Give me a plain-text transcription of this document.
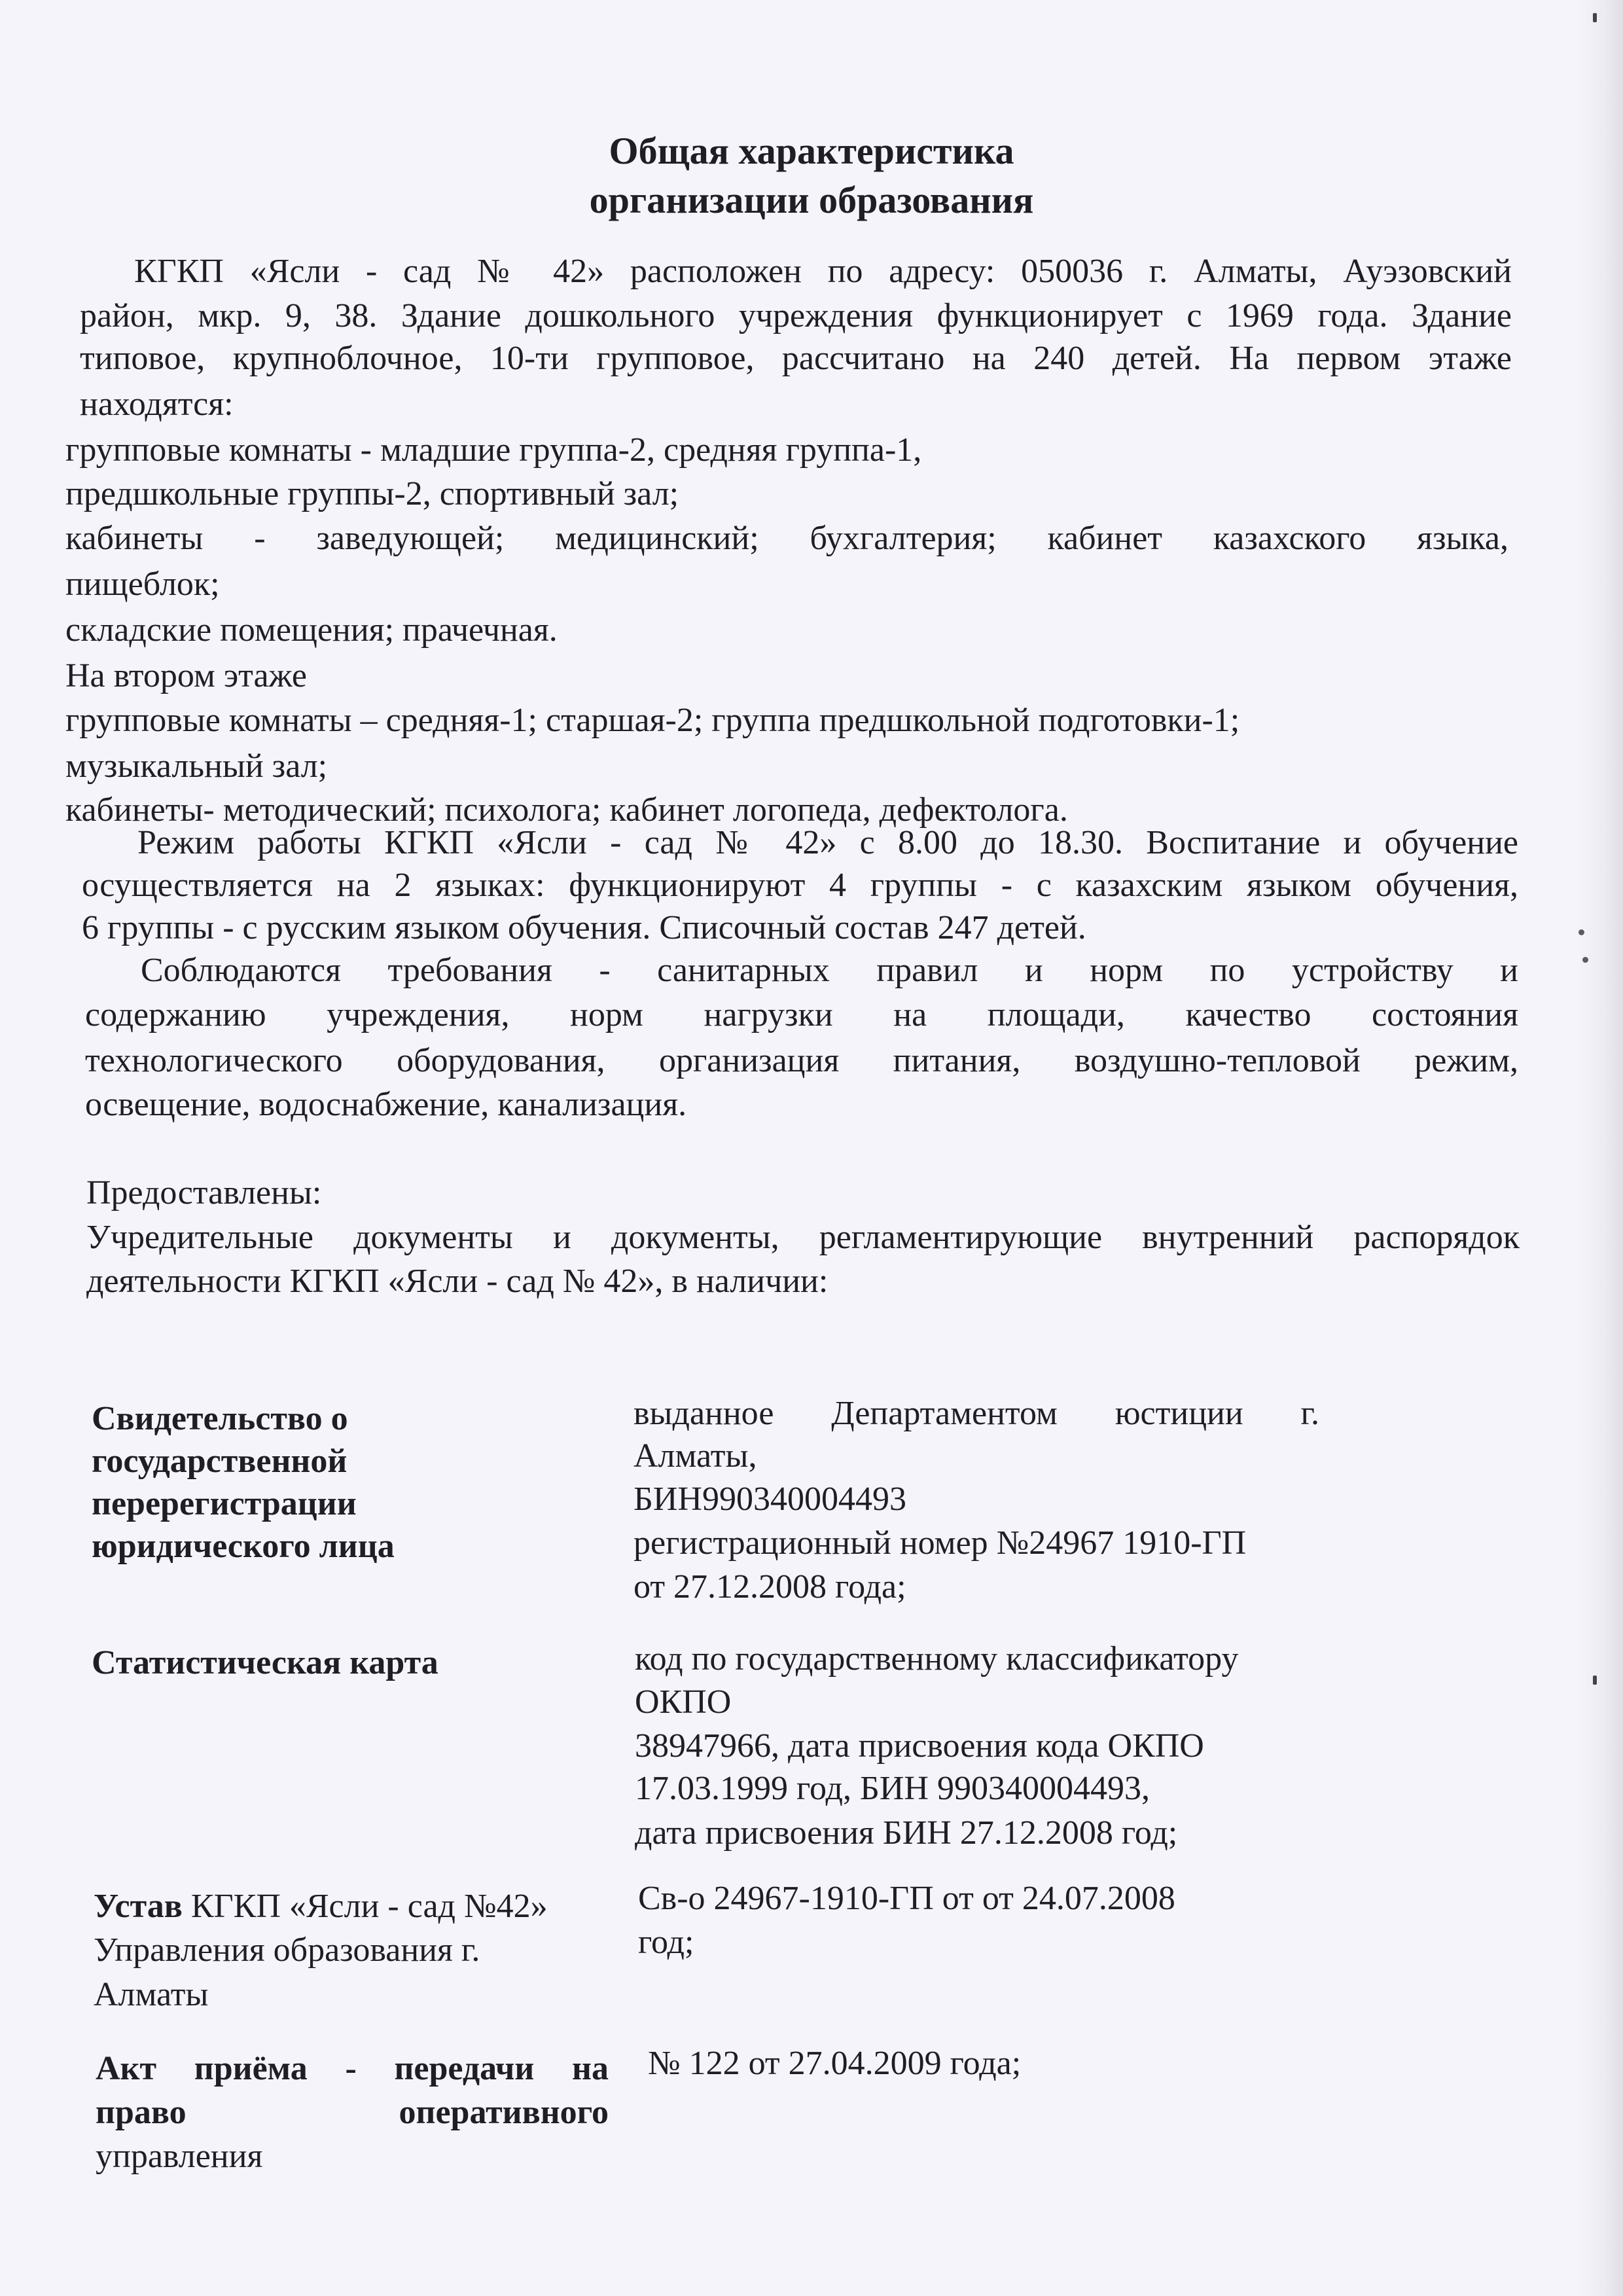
Общая характеристика
организации образования
КГКП «Ясли - сад № 42» расположен по адресу: 050036 г. Алматы, Ауэзовский
район, мкр. 9, 38. Здание дошкольного учреждения функционирует с 1969 года. Здание
типовое, крупноблочное, 10-ти групповое, рассчитано на 240 детей. На первом этаже
находятся:
групповые комнаты - младшие группа-2, средняя группа-1,
предшкольные группы-2, спортивный зал;
кабинеты - заведующей; медицинский; бухгалтерия; кабинет казахского языка,
пищеблок;
складские помещения; прачечная.
На втором этаже
групповые комнаты – средняя-1; старшая-2; группа предшкольной подготовки-1;
музыкальный зал;
кабинеты- методический; психолога; кабинет логопеда, дефектолога.
Режим работы КГКП «Ясли - сад № 42» с 8.00 до 18.30. Воспитание и обучение
осуществляется на 2 языках: функционируют 4 группы - с казахским языком обучения,
6 группы - с русским языком обучения. Списочный состав 247 детей.
Соблюдаются требования - санитарных правил и норм по устройству и
содержанию учреждения, норм нагрузки на площади, качество состояния
технологического оборудования, организация питания, воздушно-тепловой режим,
освещение, водоснабжение, канализация.
Предоставлены:
Учредительные документы и документы, регламентирующие внутренний распорядок
деятельности КГКП «Ясли - сад № 42», в наличии:
Свидетельство о
государственной
перерегистрации
юридического лица
выданное Департаментом юстиции г.
Алматы,
БИН990340004493
регистрационный номер №24967 1910-ГП
от 27.12.2008 года;
Статистическая карта	код по государственному классификатору
ОКПО
38947966, дата присвоения кода ОКПО
17.03.1999 год, БИН 990340004493,
дата присвоения БИН 27.12.2008 год;
Устав КГКП «Ясли - сад №42»
Управления образования г.
Алматы
Св-о 24967-1910-ГП от от 24.07.2008
год;
Акт приёма - передачи на
право оперативного
управления
№ 122 от 27.04.2009 года;
